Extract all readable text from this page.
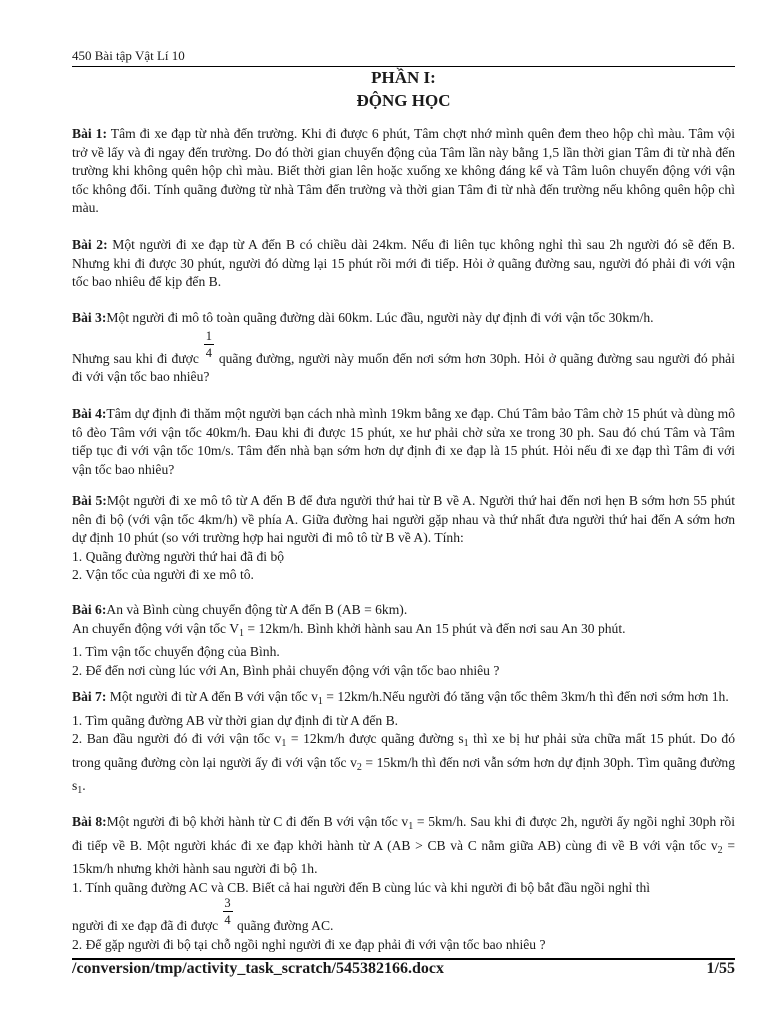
450 Bài tập Vật Lí 10
PHẦN I:
ĐỘNG HỌC

Bài 1: Tâm đi xe đạp từ nhà đến trường. Khi đi được 6 phút, Tâm chợt nhớ mình quên đem theo hộp chì màu. Tâm vội trở về lấy và đi ngay đến trường. Do đó thời gian chuyển động của Tâm lần này bằng 1,5 lần thời gian Tâm đi từ nhà đến trường khi không quên hộp chì màu. Biết thời gian lên hoặc xuống xe không đáng kể và Tâm luôn chuyển động với vận tốc không đổi. Tính quãng đường từ nhà Tâm đến trường và thời gian Tâm đi từ nhà đến trường nếu không quên hộp chì màu.

Bài 2: Một người đi xe đạp từ A đến B có chiều dài 24km. Nếu đi liên tục không nghỉ thì sau 2h người đó sẽ đến B. Nhưng khi đi được 30 phút, người đó dừng lại 15 phút rồi mới đi tiếp. Hỏi ở quãng đường sau, người đó phải đi với vận tốc bao nhiêu để kịp đến B.

Bài 3:Một người đi mô tô toàn quãng đường dài 60km. Lúc đầu, người này dự định đi với vận tốc 30km/h.

Nhưng sau khi đi được $\frac{1}{4}$ quãng đường, người này muốn đến nơi sớm hơn 30ph. Hỏi ở quãng đường sau người đó phải đi với vận tốc bao nhiêu?

Bài 4:Tâm dự định đi thăm một người bạn cách nhà mình 19km bằng xe đạp. Chú Tâm bảo Tâm chờ 15 phút và dùng mô tô đèo Tâm với vận tốc 40km/h. Đau khi đi được 15 phút, xe hư phải chờ sửa xe trong 30 ph. Sau đó chú Tâm và Tâm tiếp tục đi với vận tốc 10m/s. Tâm đến nhà bạn sớm hơn dự định đi xe đạp là 15 phút. Hỏi nếu đi xe đạp thì Tâm đi với vận tốc bao nhiêu?

Bài 5:Một người đi xe mô tô từ A đến B để đưa người thứ hai từ B về A. Người thứ hai đến nơi hẹn B sớm hơn 55 phút nên đi bộ (với vận tốc 4km/h) về phía A. Giữa đường hai người gặp nhau và thứ nhất đưa người thứ hai đến A sớm hơn dự định 10 phút (so với trường hợp hai người đi mô tô từ B về A). Tính:

1. Quãng đường người thứ hai đã đi bộ

2. Vận tốc của người đi xe mô tô.

Bài 6:An và Bình cùng chuyển động từ A đến B (AB = 6km).

An chuyển động với vận tốc $V_1 = 12km/h$. Bình khởi hành sau An 15 phút và đến nơi sau An 30 phút.

1. Tìm vận tốc chuyển động của Bình.

2. Để đến nơi cùng lúc với An, Bình phải chuyển động với vận tốc bao nhiêu ?

Bài 7: Một người đi từ A đến B với vận tốc $v_1$ = 12km/h.Nếu người đó tăng vận tốc thêm 3km/h thì đến nơi sớm hơn 1h.

1. Tìm quãng đường AB vừ thời gian dự định đi từ A đến B.

2. Ban đầu người đó đi với vận tốc $v_1 = 12km/h$ được quãng đường $s_1$ thì xe bị hư phải sửa chữa mất 15 phút. Do đó trong quãng đường còn lại người ấy đi với vận tốc $v_2 = 15km/h$ thì đến nơi vẫn sớm hơn dự định 30ph. Tìm quãng đường $s_1$.

Bài 8:Một người đi bộ khởi hành từ C đi đến B với vận tốc $v_1 = 5km/h$. Sau khi đi được 2h, người ấy ngồi nghỉ 30ph rồi đi tiếp về B. Một người khác đi xe đạp khởi hành từ A (AB > CB và C nằm giữa AB) cùng đi về B với vận tốc $v_2 = 15km/h$ nhưng khởi hành sau người đi bộ 1h.

1. Tính quãng đường AC và CB. Biết cả hai người đến B cùng lúc và khi người đi bộ bắt đầu ngồi nghỉ thì

người đi xe đạp đã đi được $\frac{3}{4}$ quãng đường AC.

2. Để gặp người đi bộ tại chỗ ngồi nghỉ người đi xe đạp phải đi với vận tốc bao nhiêu ?

/conversion/tmp/activity_task_scratch/545382166.docx	1/55
